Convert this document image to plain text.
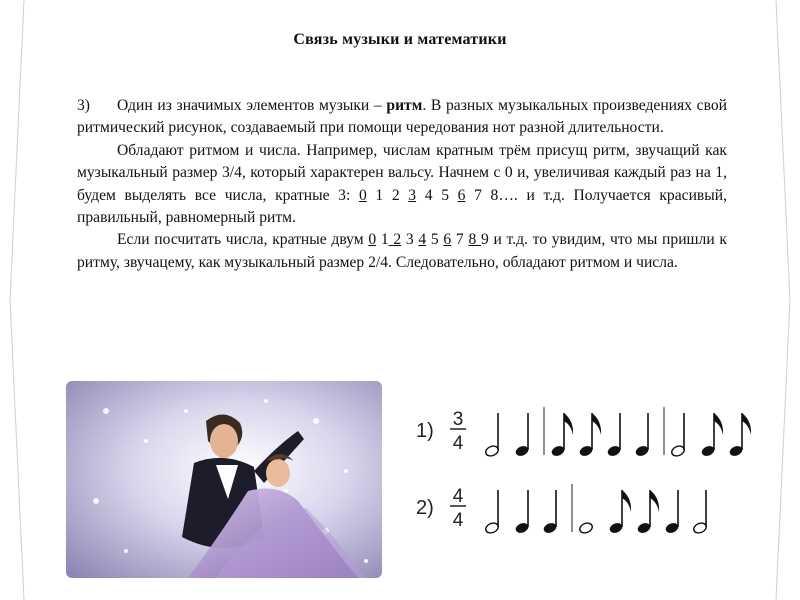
Связь музыки и математики

3) Один из значимых элементов музыки – ритм. В разных музыкальных произведениях свой ритмический рисунок, создаваемый при помощи чередования нот разной длительности.

Обладают ритмом и числа. Например, числам кратным трём присущ ритм, звучащий как музыкальный размер 3/4, который характерен вальсу. Начнем с 0 и, увеличивая каждый раз на 1, будем выделять все числа, кратные 3: 0 1 2 3 4 5 6 7 8…. и т.д. Получается красивый, правильный, равномерный ритм.

Если посчитать числа, кратные двум 0 1 2 3 4 5 6 7 8 9 и т.д. то увидим, что мы пришли к ритму, звучацему, как музыкальный размер 2/4. Следовательно, обладают ритмом и числа.

1)
3
4
2)
4
4
